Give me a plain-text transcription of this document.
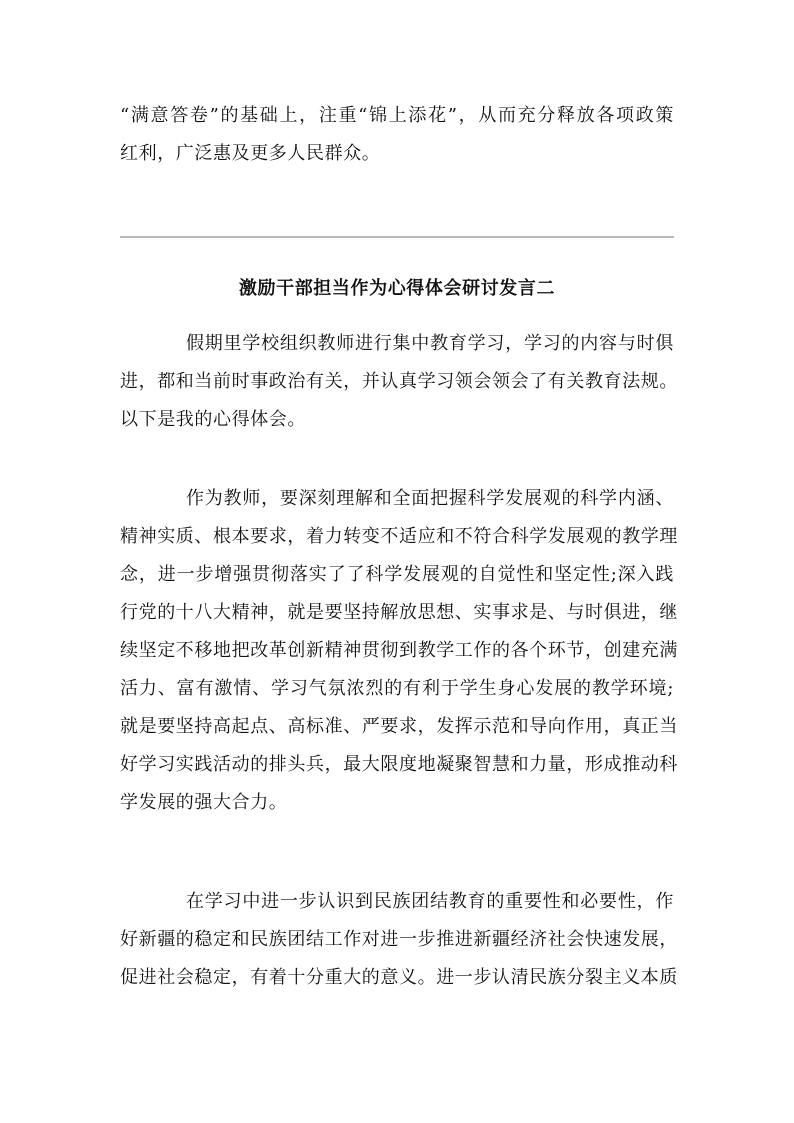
“满意答卷”的基础上，注重“锦上添花”，从而充分释放各项政策
红利，广泛惠及更多人民群众。
激励干部担当作为心得体会研讨发言二
假期里学校组织教师进行集中教育学习，学习的内容与时俱
进，都和当前时事政治有关，并认真学习领会领会了有关教育法规。
以下是我的心得体会。
作为教师，要深刻理解和全面把握科学发展观的科学内涵、
精神实质、根本要求，着力转变不适应和不符合科学发展观的教学理
念，进一步增强贯彻落实了了科学发展观的自觉性和坚定性;深入践
行党的十八大精神，就是要坚持解放思想、实事求是、与时俱进，继
续坚定不移地把改革创新精神贯彻到教学工作的各个环节，创建充满
活力、富有激情、学习气氛浓烈的有利于学生身心发展的教学环境;
就是要坚持高起点、高标准、严要求，发挥示范和导向作用，真正当
好学习实践活动的排头兵，最大限度地凝聚智慧和力量，形成推动科
学发展的强大合力。
在学习中进一步认识到民族团结教育的重要性和必要性，作
好新疆的稳定和民族团结工作对进一步推进新疆经济社会快速发展，
促进社会稳定，有着十分重大的意义。进一步认清民族分裂主义本质
